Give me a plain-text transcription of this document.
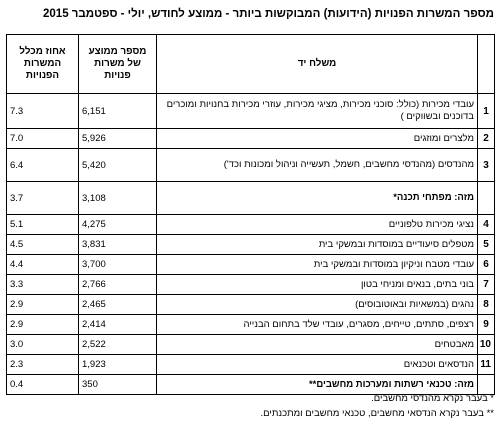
מספר המשרות הפנויות (הידועות) המבוקשות ביותר - ממוצע לחודש, יולי - ספטמבר 2015
	משלח יד	מספר ממוצע של משרות פנויות	אחוז מכלל המשרות הפנויות
1	עובדי מכירות (כולל: סוכני מכירות, מציגי מכירות, עוזרי מכירות בחנויות ומוכרים בדוכנים ובשווקים )	6,151	7.3
2	מלצרים ומוזגים	5,926	7.0
3	מהנדסים (מהנדסי מחשבים, חשמל, תעשייה וניהול ומכונות וכד')	5,420	6.4
	מזה: מפתחי תכנה*	3,108	3.7
4	נציגי מכירות טלפוניים	4,275	5.1
5	מטפלים סיעודיים במוסדות ובמשקי בית	3,831	4.5
6	עובדי מטבח וניקיון במוסדות ובמשקי בית	3,700	4.4
7	בוני בתים, בנאים ומניחי בטון	2,766	3.3
8	נהגים (במשאיות ובאוטובוסים)	2,465	2.9
9	רצפים, סתתים, טייחים, מסגרים, עובדי שלד בתחום הבנייה	2,414	2.9
10	מאבטחים	2,522	3.0
11	הנדסאים וטכנאים	1,923	2.3
	מזה: טכנאי רשתות ומערכות מחשבים**	350	0.4
* בעבר נקרא מהנדסי מחשבים.
** בעבר נקרא הנדסאי מחשבים, טכנאי מחשבים ומתכנתים.
